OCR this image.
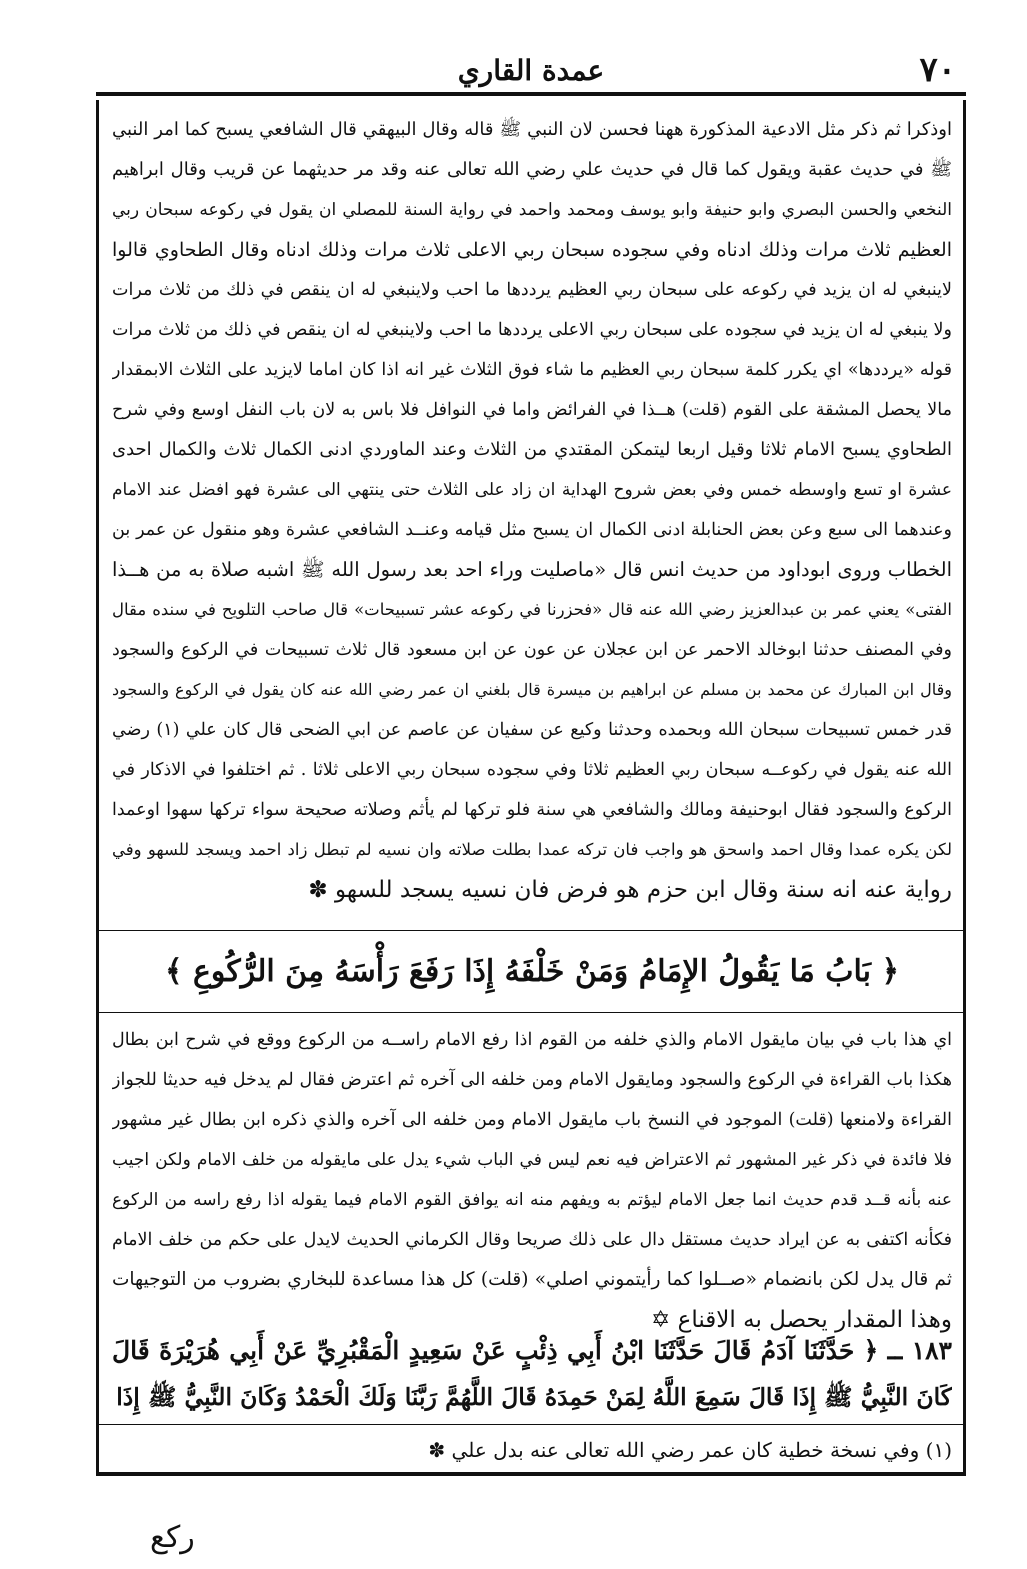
عمدة القاري	٧٠
اوذكرا ثم ذكر مثل الادعية المذكورة ههنا فحسن لان النبي ﷺ قاله وقال البيهقي قال الشافعي يسبح كما امر النبي
ﷺ في حديث عقبة ويقول كما قال في حديث علي رضي الله تعالى عنه وقد مر حديثهما عن قريب وقال ابراهيم
النخعي والحسن البصري وابو حنيفة وابو يوسف ومحمد واحمد في رواية السنة للمصلي ان يقول في ركوعه سبحان ربي
العظيم ثلاث مرات وذلك ادناه وفي سجوده سبحان ربي الاعلى ثلاث مرات وذلك ادناه وقال الطحاوي قالوا
لاينبغي له ان يزيد في ركوعه على سبحان ربي العظيم يرددها ما احب ولاينبغي له ان ينقص في ذلك من ثلاث مرات
ولا ينبغي له ان يزيد في سجوده على سبحان ربي الاعلى يرددها ما احب ولاينبغي له ان ينقص في ذلك من ثلاث مرات
قوله «يرددها» اي يكرر كلمة سبحان ربي العظيم ما شاء فوق الثلاث غير انه اذا كان اماما لايزيد على الثلاث الابمقدار
مالا يحصل المشقة على القوم (قلت) هــذا في الفرائض واما في النوافل فلا باس به لان باب النفل اوسع وفي شرح
الطحاوي يسبح الامام ثلاثا وقيل اربعا ليتمكن المقتدي من الثلاث وعند الماوردي ادنى الكمال ثلاث والكمال احدى
عشرة او تسع واوسطه خمس وفي بعض شروح الهداية ان زاد على الثلاث حتى ينتهي الى عشرة فهو افضل عند الامام
وعندهما الى سبع وعن بعض الحنابلة ادنى الكمال ان يسبح مثل قيامه وعنــد الشافعي عشرة وهو منقول عن عمر بن
الخطاب وروى ابوداود من حديث انس قال «ماصليت وراء احد بعد رسول الله ﷺ اشبه صلاة به من هــذا
الفتى» يعني عمر بن عبدالعزيز رضي الله عنه قال «فحزرنا في ركوعه عشر تسبيحات» قال صاحب التلويح في سنده مقال
وفي المصنف حدثنا ابوخالد الاحمر عن ابن عجلان عن عون عن ابن مسعود قال ثلاث تسبيحات في الركوع والسجود
وقال ابن المبارك عن محمد بن مسلم عن ابراهيم بن ميسرة قال بلغني ان عمر رضي الله عنه كان يقول في الركوع والسجود
قدر خمس تسبيحات سبحان الله وبحمده وحدثنا وكيع عن سفيان عن عاصم عن ابي الضحى قال كان علي (١) رضي
الله عنه يقول في ركوعــه سبحان ربي العظيم ثلاثا وفي سجوده سبحان ربي الاعلى ثلاثا . ثم اختلفوا في الاذكار في
الركوع والسجود فقال ابوحنيفة ومالك والشافعي هي سنة فلو تركها لم يأثم وصلاته صحيحة سواء تركها سهوا اوعمدا
لكن يكره عمدا وقال احمد واسحق هو واجب فان تركه عمدا بطلت صلاته وان نسيه لم تبطل زاد احمد ويسجد للسهو وفي
رواية عنه انه سنة وقال ابن حزم هو فرض فان نسيه يسجد للسهو ✽
﴿ بَابُ مَا يَقُولُ الإِمَامُ وَمَنْ خَلْفَهُ إِذَا رَفَعَ رَأْسَهُ مِنَ الرُّكُوعِ ﴾
اي هذا باب في بيان مايقول الامام والذي خلفه من القوم اذا رفع الامام راســه من الركوع ووقع في شرح ابن بطال
هكذا باب القراءة في الركوع والسجود ومايقول الامام ومن خلفه الى آخره ثم اعترض فقال لم يدخل فيه حديثا للجواز
القراءة ولامنعها (قلت) الموجود في النسخ باب مايقول الامام ومن خلفه الى آخره والذي ذكره ابن بطال غير مشهور
فلا فائدة في ذكر غير المشهور ثم الاعتراض فيه نعم ليس في الباب شيء يدل على مايقوله من خلف الامام ولكن اجيب
عنه بأنه قــد قدم حديث انما جعل الامام ليؤتم به ويفهم منه انه يوافق القوم الامام فيما يقوله اذا رفع راسه من الركوع
فكأنه اكتفى به عن ايراد حديث مستقل دال على ذلك صريحا وقال الكرماني الحديث لايدل على حكم من خلف الامام
ثم قال يدل لكن بانضمام «صــلوا كما رأيتموني اصلي» (قلت) كل هذا مساعدة للبخاري بضروب من التوجيهات
وهذا المقدار يحصل به الاقناع ✡
١٨٣ ــ ﴿ حَدَّثَنَا آدَمُ قَالَ حَدَّثَنَا ابْنُ أَبِي ذِئْبٍ عَنْ سَعِيدٍ الْمَقْبُرِيِّ عَنْ أَبِي هُرَيْرَةَ قَالَ
كَانَ النَّبِيُّ ﷺ إِذَا قَالَ سَمِعَ اللَّهُ لِمَنْ حَمِدَهُ قَالَ اللَّهُمَّ رَبَّنَا وَلَكَ الْحَمْدُ وَكَانَ النَّبِيُّ ﷺ إِذَا
(١) وفي نسخة خطية كان عمر رضي الله تعالى عنه بدل علي ✽
ركع
